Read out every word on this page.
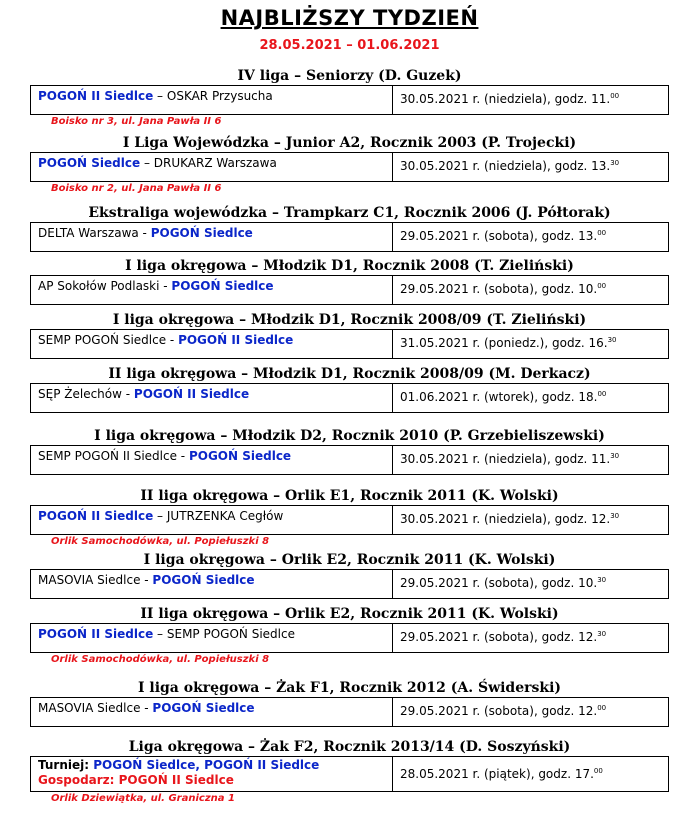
NAJBLIŻSZY TYDZIEŃ
28.05.2021 – 01.06.2021
IV liga – Seniorzy (D. Guzek)
POGOŃ II Siedlce – OSKAR Przysucha	30.05.2021 r. (niedziela), godz. 11.00
Boisko nr 3, ul. Jana Pawła II 6
I Liga Wojewódzka – Junior A2, Rocznik 2003 (P. Trojecki)
POGOŃ Siedlce – DRUKARZ Warszawa	30.05.2021 r. (niedziela), godz. 13.30
Boisko nr 2, ul. Jana Pawła II 6
Ekstraliga wojewódzka – Trampkarz C1, Rocznik 2006 (J. Półtorak)
DELTA Warszawa - POGOŃ Siedlce	29.05.2021 r. (sobota), godz. 13.00
I liga okręgowa – Młodzik D1, Rocznik 2008 (T. Zieliński)
AP Sokołów Podlaski - POGOŃ Siedlce	29.05.2021 r. (sobota), godz. 10.00
I liga okręgowa – Młodzik D1, Rocznik 2008/09 (T. Zieliński)
SEMP POGOŃ Siedlce - POGOŃ II Siedlce	31.05.2021 r. (poniedz.), godz. 16.30
II liga okręgowa – Młodzik D1, Rocznik 2008/09 (M. Derkacz)
SĘP Żelechów - POGOŃ II Siedlce	01.06.2021 r. (wtorek), godz. 18.00
I liga okręgowa – Młodzik D2, Rocznik 2010 (P. Grzebieliszewski)
SEMP POGOŃ II Siedlce - POGOŃ Siedlce	30.05.2021 r. (niedziela), godz. 11.30
II liga okręgowa – Orlik E1, Rocznik 2011 (K. Wolski)
POGOŃ II Siedlce – JUTRZENKA Cegłów	30.05.2021 r. (niedziela), godz. 12.30
Orlik Samochodówka, ul. Popiełuszki 8
I liga okręgowa – Orlik E2, Rocznik 2011 (K. Wolski)
MASOVIA Siedlce - POGOŃ Siedlce	29.05.2021 r. (sobota), godz. 10.30
II liga okręgowa – Orlik E2, Rocznik 2011 (K. Wolski)
POGOŃ II Siedlce – SEMP POGOŃ Siedlce	29.05.2021 r. (sobota), godz. 12.30
Orlik Samochodówka, ul. Popiełuszki 8
I liga okręgowa – Żak F1, Rocznik 2012 (A. Świderski)
MASOVIA Siedlce - POGOŃ Siedlce	29.05.2021 r. (sobota), godz. 12.00
Liga okręgowa – Żak F2, Rocznik 2013/14 (D. Soszyński)
Turniej: POGOŃ Siedlce, POGOŃ II Siedlce
Gospodarz: POGOŃ II Siedlce	28.05.2021 r. (piątek), godz. 17.00
Orlik Dziewiątka, ul. Graniczna 1
